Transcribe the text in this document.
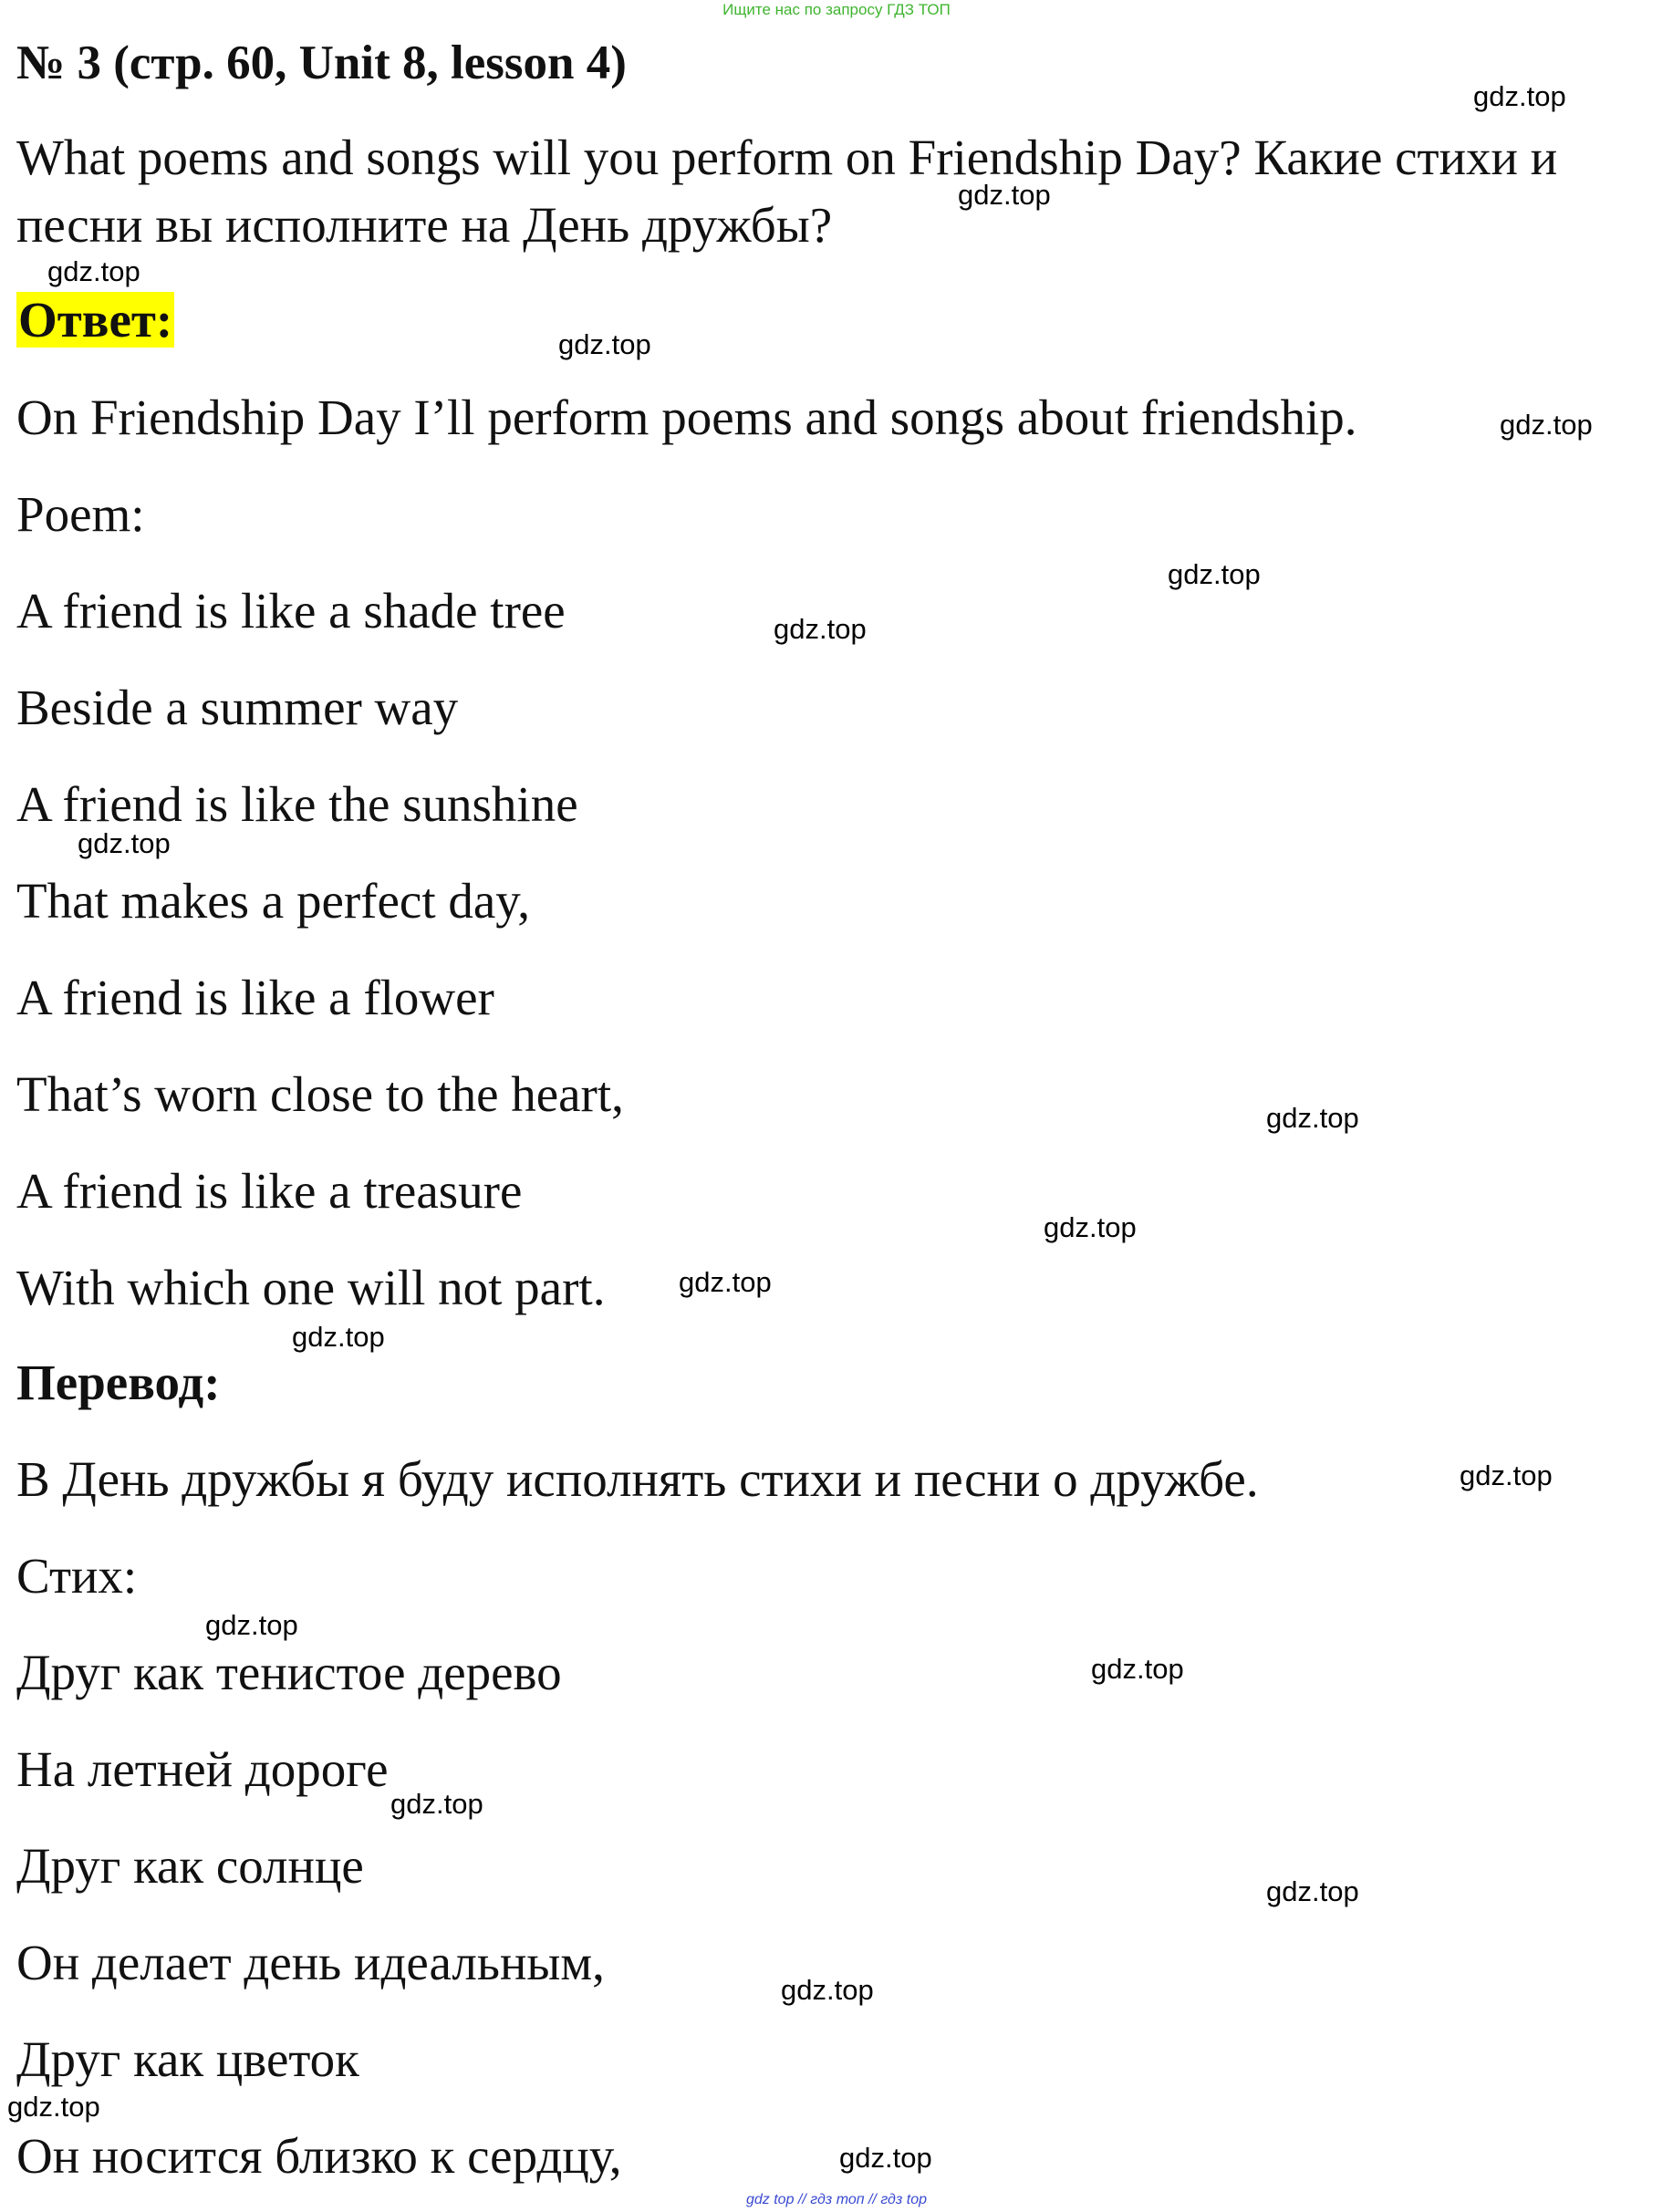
Ищите нас по запросу ГДЗ ТОП
№ 3 (стр. 60, Unit 8, lesson 4)
What poems and songs will you perform on Friendship Day? Какие стихи и
песни вы исполните на День дружбы?
Ответ:
On Friendship Day I’ll perform poems and songs about friendship.
Poem:
A friend is like a shade tree
Beside a summer way
A friend is like the sunshine
That makes a perfect day,
A friend is like a flower
That’s worn close to the heart,
A friend is like a treasure
With which one will not part.
Перевод:
В День дружбы я буду исполнять стихи и песни о дружбе.
Стих:
Друг как тенистое дерево
На летней дороге
Друг как солнце
Он делает день идеальным,
Друг как цветок
Он носится близко к сердцу,
gdz.top
gdz.top
gdz.top
gdz.top
gdz.top
gdz.top
gdz.top
gdz.top
gdz.top
gdz.top
gdz.top
gdz.top
gdz.top
gdz.top
gdz.top
gdz.top
gdz.top
gdz.top
gdz.top
gdz.top
gdz top // гдз топ // гдз top
